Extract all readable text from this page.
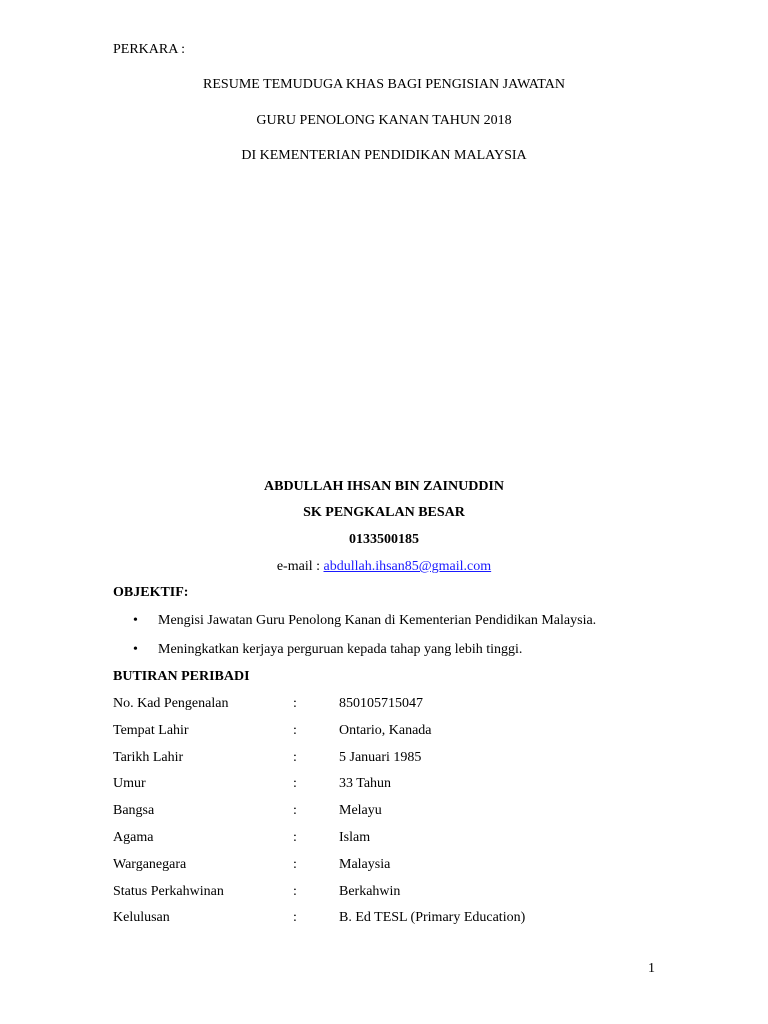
PERKARA :
RESUME TEMUDUGA KHAS BAGI PENGISIAN JAWATAN
GURU PENOLONG KANAN TAHUN 2018
DI KEMENTERIAN PENDIDIKAN MALAYSIA
ABDULLAH IHSAN BIN ZAINUDDIN
SK PENGKALAN BESAR
0133500185
e-mail : abdullah.ihsan85@gmail.com
OBJEKTIF:
• Mengisi Jawatan Guru Penolong Kanan di Kementerian Pendidikan Malaysia.
• Meningkatkan kerjaya perguruan kepada tahap yang lebih tinggi.
BUTIRAN PERIBADI
No. Kad Pengenalan	:	850105715047
Tempat Lahir	:	Ontario, Kanada
Tarikh Lahir	:	5 Januari 1985
Umur	:	33 Tahun
Bangsa	:	Melayu
Agama	:	Islam
Warganegara	:	Malaysia
Status Perkahwinan	:	Berkahwin
Kelulusan	:	B. Ed TESL (Primary Education)
1
